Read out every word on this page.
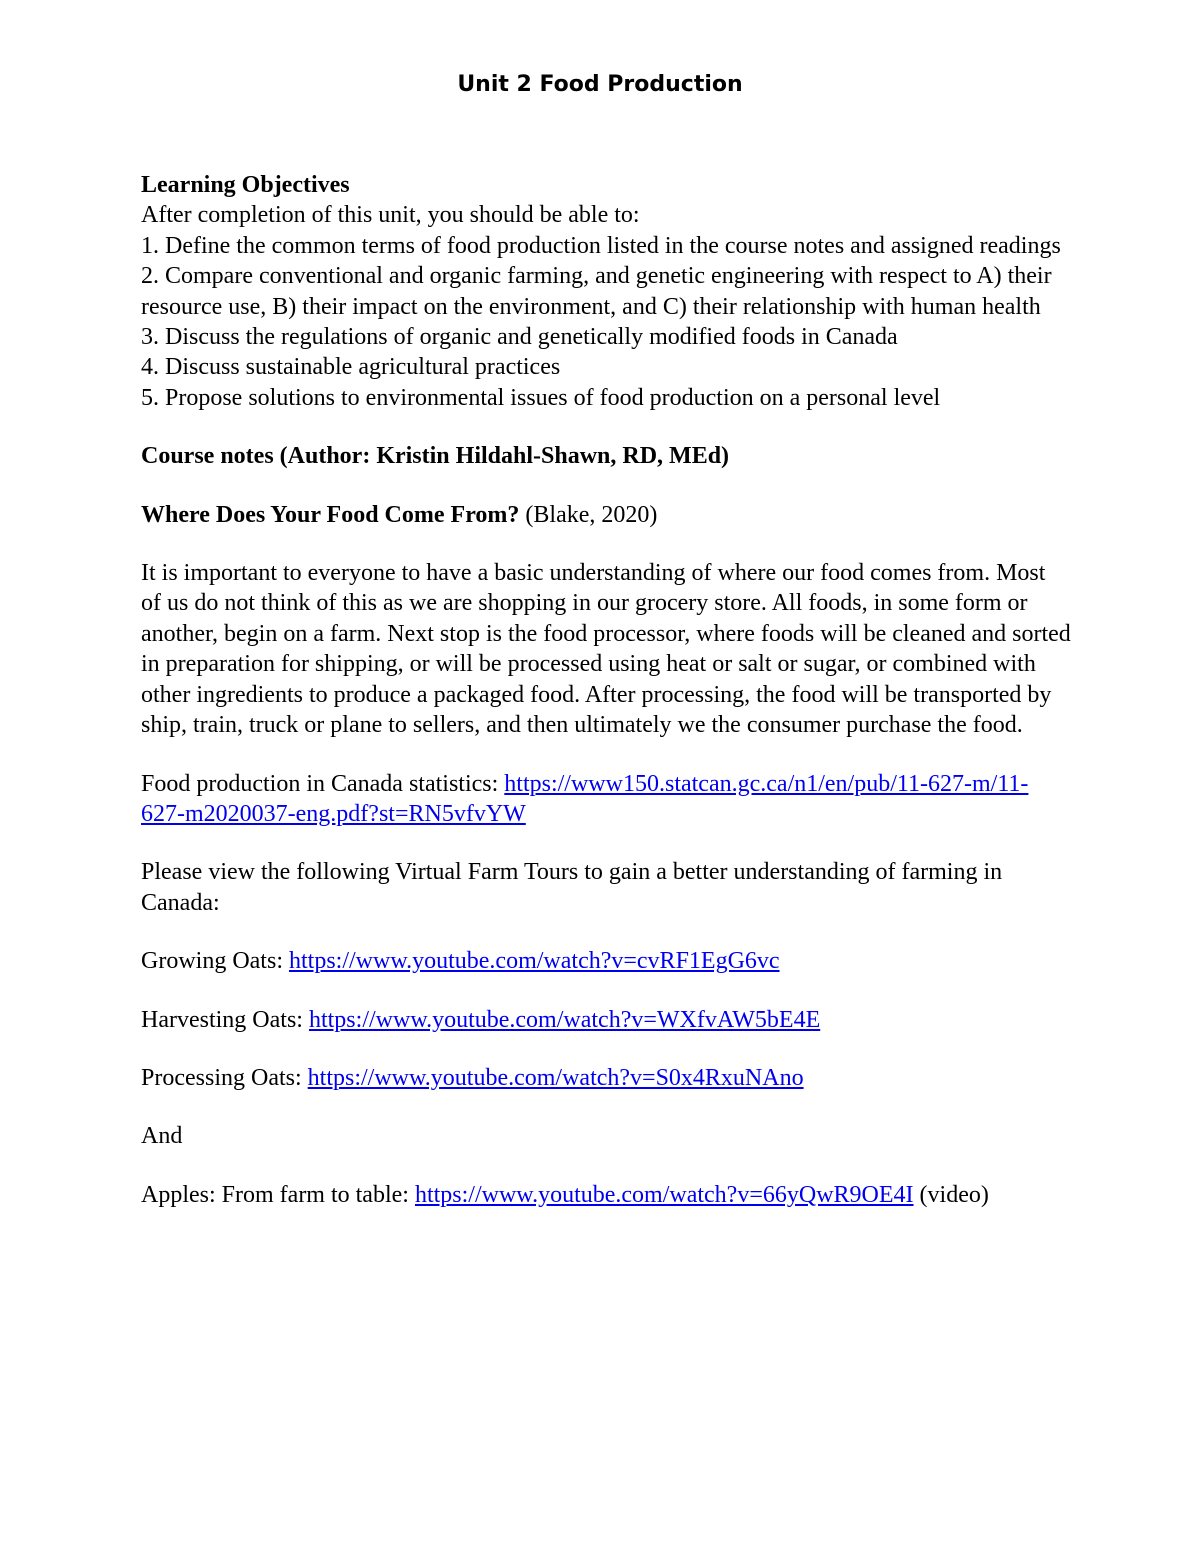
Unit 2 Food Production

Learning Objectives

After completion of this unit, you should be able to:

1. Define the common terms of food production listed in the course notes and assigned readings

2. Compare conventional and organic farming, and genetic engineering with respect to A) their resource use, B) their impact on the environment, and C) their relationship with human health

3. Discuss the regulations of organic and genetically modified foods in Canada

4. Discuss sustainable agricultural practices

5. Propose solutions to environmental issues of food production on a personal level

Course notes (Author: Kristin Hildahl-Shawn, RD, MEd)

Where Does Your Food Come From? (Blake, 2020)

It is important to everyone to have a basic understanding of where our food comes from. Most of us do not think of this as we are shopping in our grocery store. All foods, in some form or another, begin on a farm. Next stop is the food processor, where foods will be cleaned and sorted in preparation for shipping, or will be processed using heat or salt or sugar, or combined with other ingredients to produce a packaged food. After processing, the food will be transported by ship, train, truck or plane to sellers, and then ultimately we the consumer purchase the food.

Food production in Canada statistics: https://www150.statcan.gc.ca/n1/en/pub/11-627-m/11-627-m2020037-eng.pdf?st=RN5vfvYW

Please view the following Virtual Farm Tours to gain a better understanding of farming in Canada:

Growing Oats: https://www.youtube.com/watch?v=cvRF1EgG6vc

Harvesting Oats: https://www.youtube.com/watch?v=WXfvAW5bE4E

Processing Oats: https://www.youtube.com/watch?v=S0x4RxuNAno

And

Apples: From farm to table: https://www.youtube.com/watch?v=66yQwR9OE4I (video)
